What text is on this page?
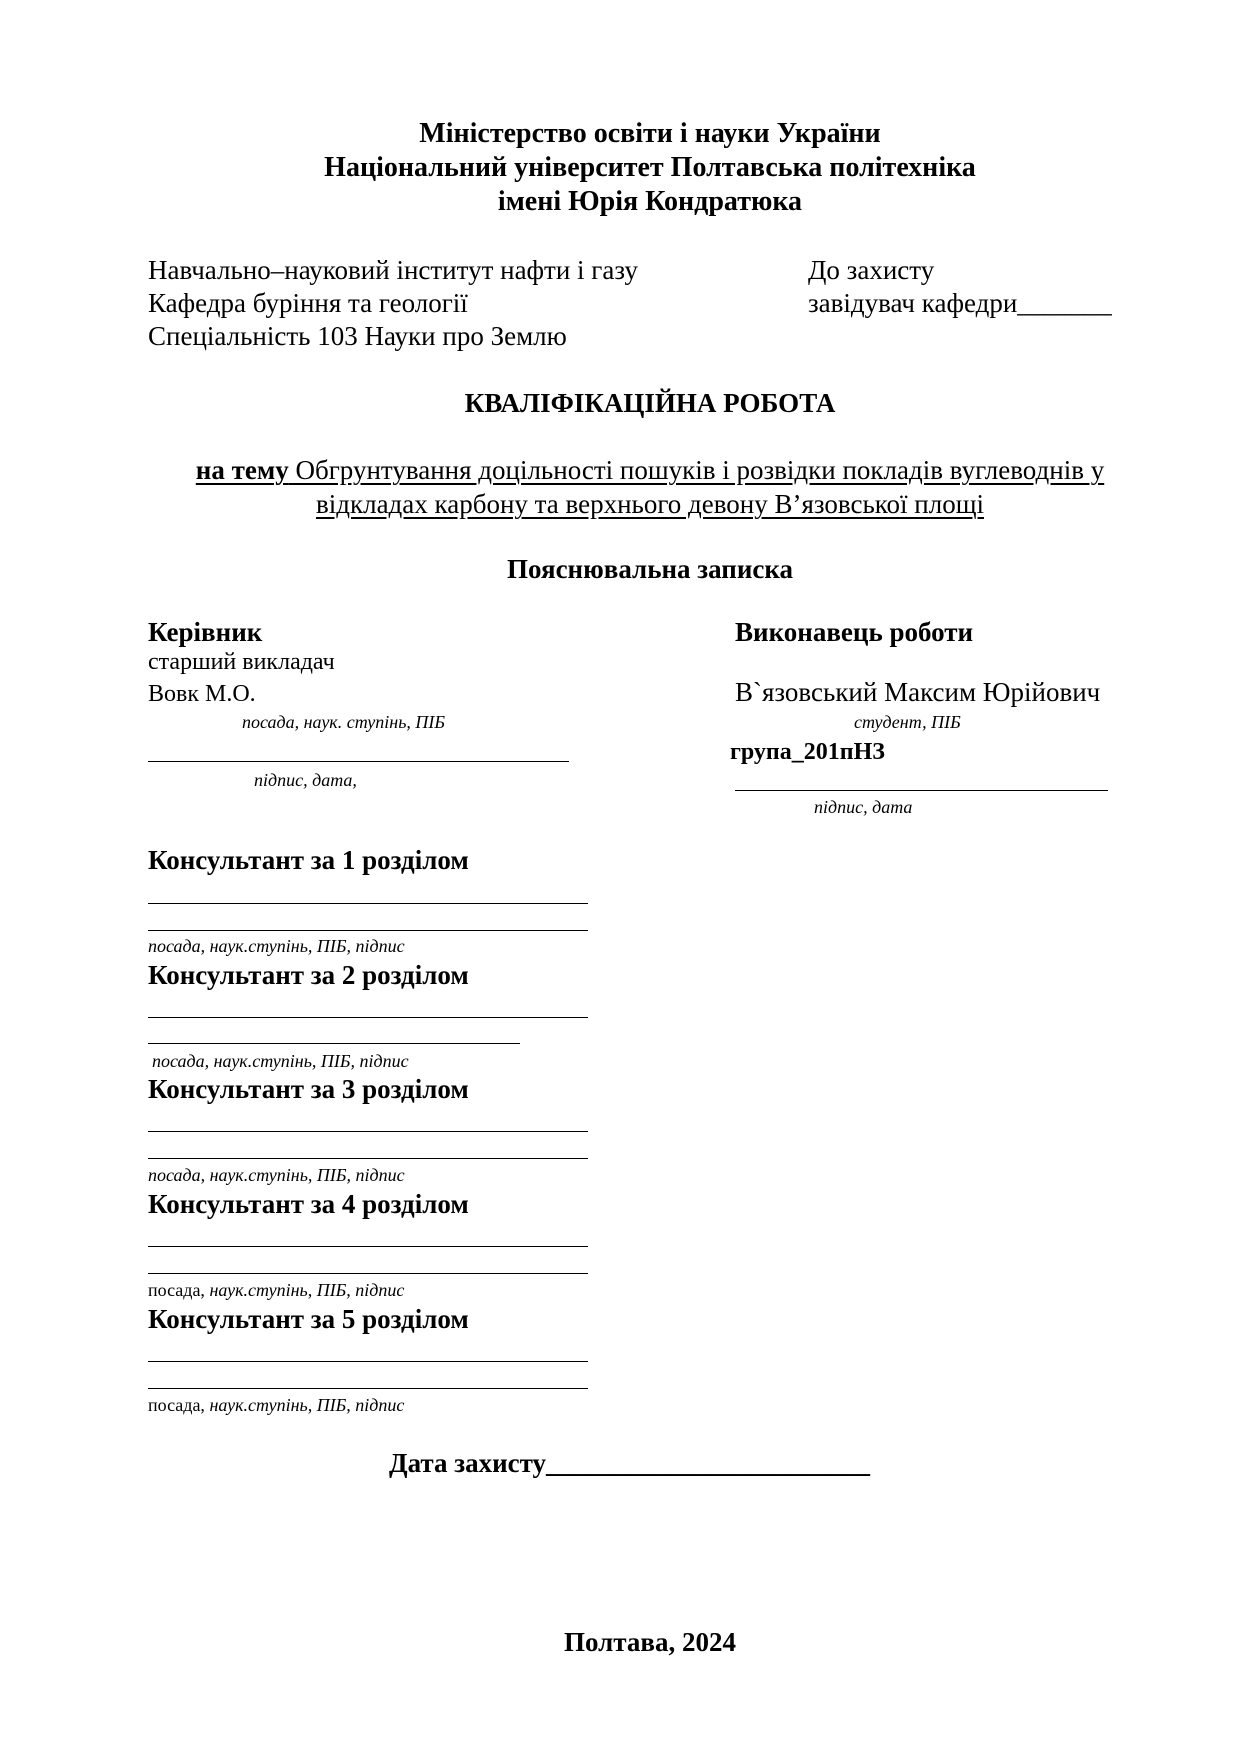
Міністерство освіти і науки України
Національний університет Полтавська політехніка
імені Юрія Кондратюка
Навчально–науковий інститут нафти і газу
Кафедра буріння та геології
Спеціальність 103 Науки про Землю
До захисту
завідувач кафедри_______
КВАЛІФІКАЦІЙНА РОБОТА
на тему Обгрунтування доцільності пошуків і розвідки покладів вуглеводнів у
відкладах карбону та верхнього девону В’язовської площі
Пояснювальна записка
Керівник
старший викладач
Вовк М.О.
посада, наук. ступінь, ПІБ
підпис, дата,
Виконавець роботи
В`язовський Максим Юрійович
студент, ПІБ
група_201пНЗ
підпис, дата
Консультант за 1 розділом
посада, наук.ступінь, ПІБ, підпис
Консультант за 2 розділом
посада, наук.ступінь, ПІБ, підпис
Консультант за 3 розділом
посада, наук.ступінь, ПІБ, підпис
Консультант за 4 розділом
посада, наук.ступінь, ПІБ, підпис
Консультант за 5 розділом
посада, наук.ступінь, ПІБ, підпис
Дата захисту________________________
Полтава, 2024
